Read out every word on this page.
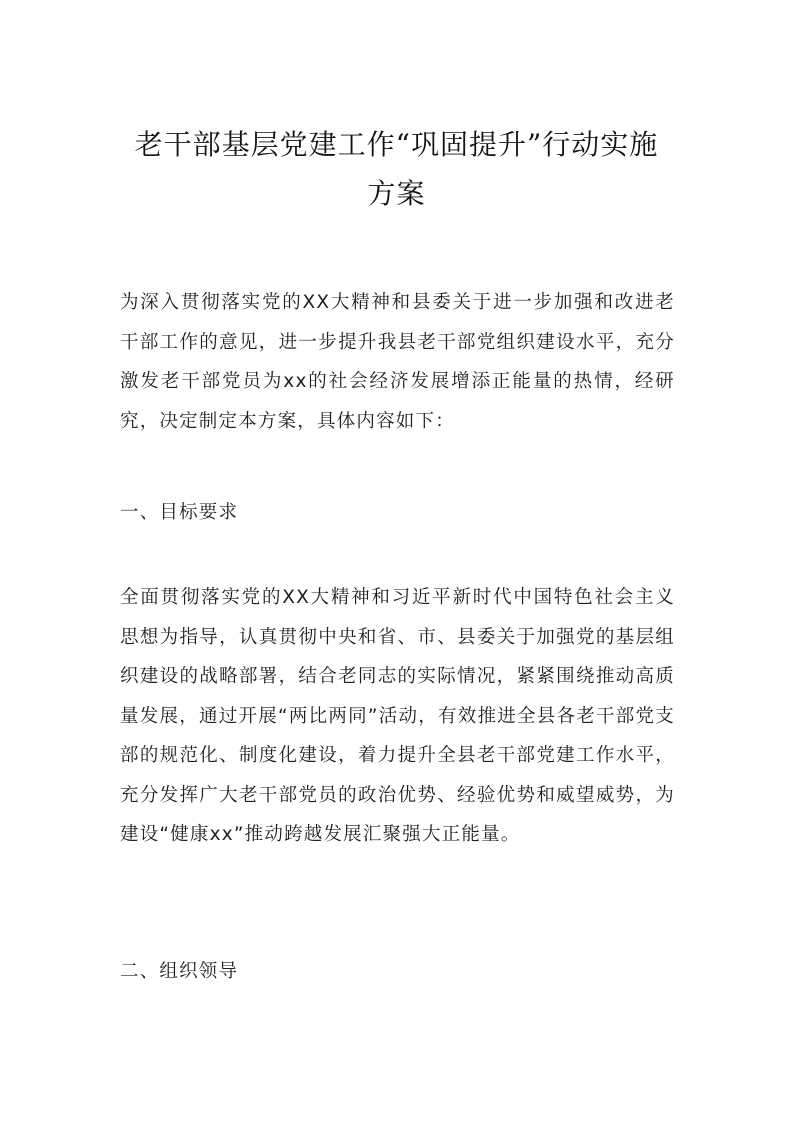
老干部基层党建工作“巩固提升”行动实施
方案
为深入贯彻落实党的XX大精神和县委关于进一步加强和改进老干部工作的意见，进一步提升我县老干部党组织建设水平，充分激发老干部党员为xx的社会经济发展增添正能量的热情，经研究，决定制定本方案，具体内容如下：
一、目标要求
全面贯彻落实党的XX大精神和习近平新时代中国特色社会主义思想为指导，认真贯彻中央和省、市、县委关于加强党的基层组织建设的战略部署，结合老同志的实际情况，紧紧围绕推动高质量发展，通过开展“两比两同”活动，有效推进全县各老干部党支部的规范化、制度化建设，着力提升全县老干部党建工作水平，充分发挥广大老干部党员的政治优势、经验优势和威望威势，为建设“健康xx”推动跨越发展汇聚强大正能量。
二、组织领导
